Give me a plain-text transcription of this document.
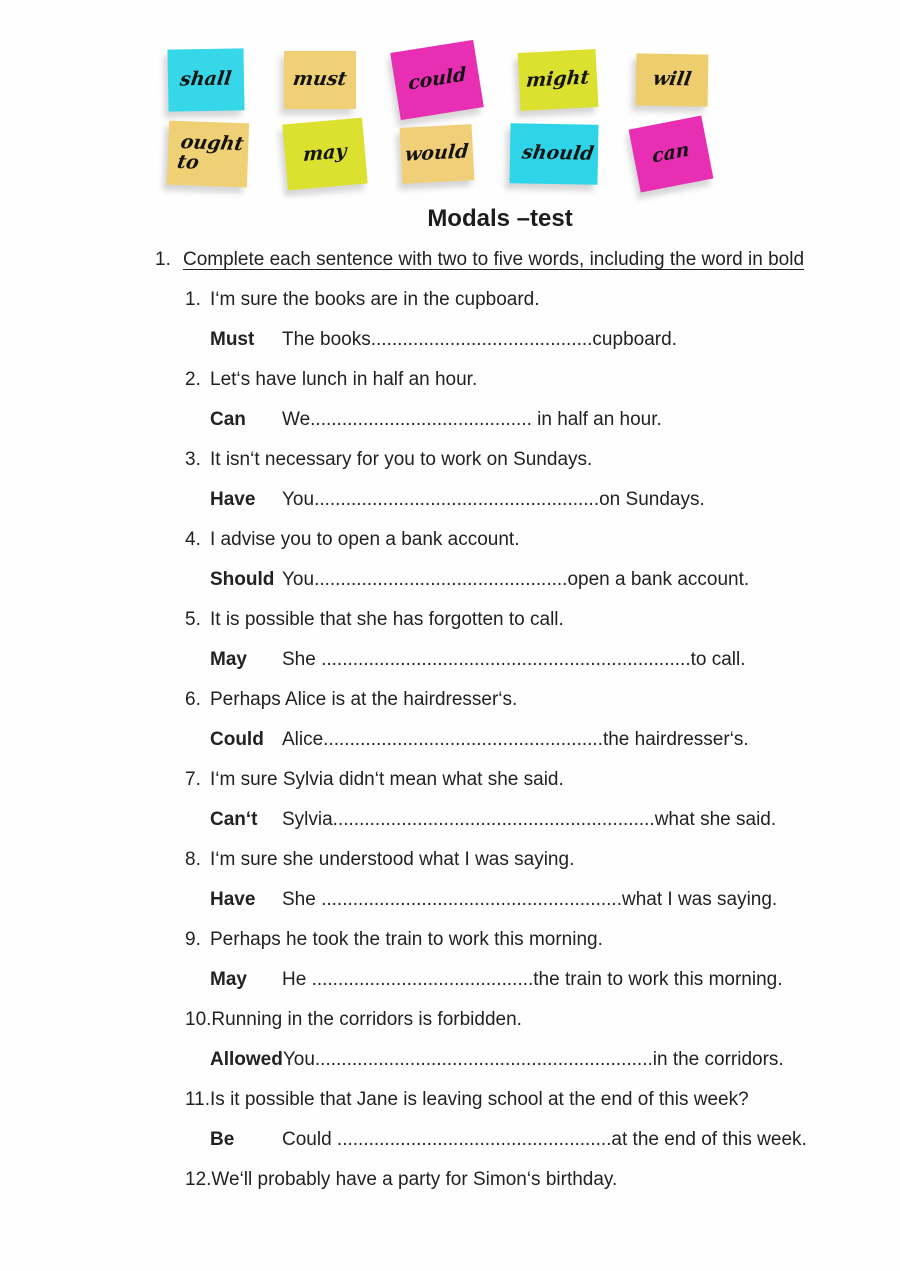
shall	must	could	might	will
ought to	may	would	should	can
Modals –test
1. Complete each sentence with two to five words, including the word in bold
1. I‘m sure the books are in the cupboard.
Must The books..........................................cupboard.
2. Let‘s have lunch in half an hour.
Can We.......................................... in half an hour.
3. It isn‘t necessary for you to work on Sundays.
Have You......................................................on Sundays.
4. I advise you to open a bank account.
Should You................................................open a bank account.
5. It is possible that she has forgotten to call.
May She ......................................................................to call.
6. Perhaps Alice is at the hairdresser‘s.
Could Alice.....................................................the hairdresser‘s.
7. I‘m sure Sylvia didn‘t mean what she said.
Can‘t Sylvia.............................................................what she said.
8. I‘m sure she understood what I was saying.
Have She .........................................................what I was saying.
9. Perhaps he took the train to work this morning.
May He ..........................................the train to work this morning.
10.Running in the corridors is forbidden.
AllowedYou................................................................in the corridors.
11.Is it possible that Jane is leaving school at the end of this week?
Be	Could ....................................................at the end of this week.
12.We‘ll probably have a party for Simon‘s birthday.
